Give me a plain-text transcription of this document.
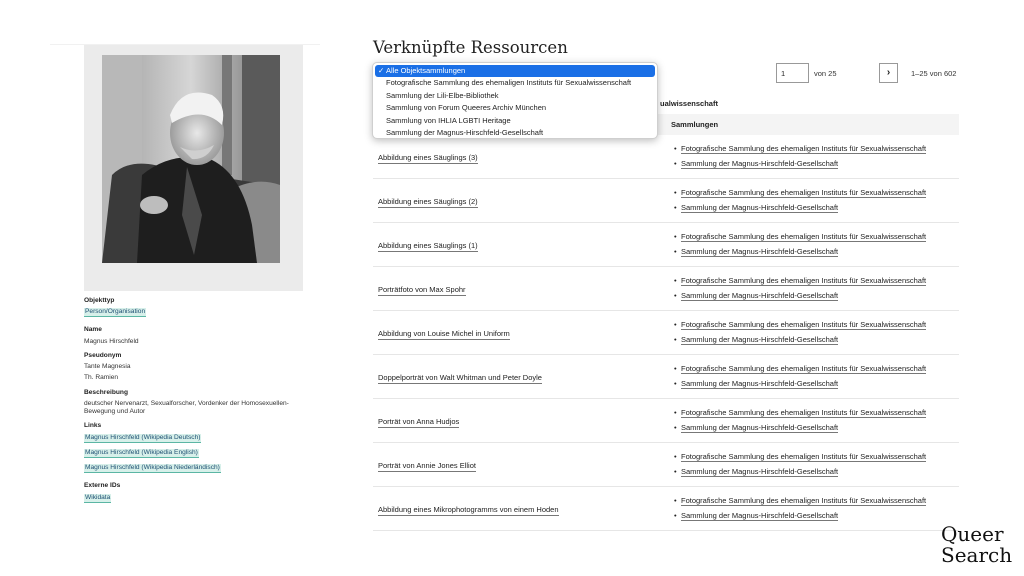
Objekttyp
Person/Organisation
Name
Magnus Hirschfeld
Pseudonym
Tante Magnesia
Th. Ramien
Beschreibung
deutscher Nervenarzt, Sexualforscher, Vordenker der Homosexuellen-Bewegung und Autor
Links
Magnus Hirschfeld (Wikipedia Deutsch)
Magnus Hirschfeld (Wikipedia English)
Magnus Hirschfeld (Wikipedia Niederländisch)
Externe IDs
Wikidata
Verknüpfte Ressourcen
ualwissenschaft
1	von 25	›	1–25 von 602
✓ Alle Objektsammlungen
Fotografische Sammlung des ehemaligen Instituts für Sexualwissenschaft
Sammlung der Lili-Elbe-Bibliothek
Sammlung von Forum Queeres Archiv München
Sammlung von IHLIA LGBTI Heritage
Sammlung der Magnus-Hirschfeld-Gesellschaft
Sammlungen
Abbildung eines Säuglings (3)
• Fotografische Sammlung des ehemaligen Instituts für Sexualwissenschaft
• Sammlung der Magnus-Hirschfeld-Gesellschaft
Abbildung eines Säuglings (2)
• Fotografische Sammlung des ehemaligen Instituts für Sexualwissenschaft
• Sammlung der Magnus-Hirschfeld-Gesellschaft
Abbildung eines Säuglings (1)
• Fotografische Sammlung des ehemaligen Instituts für Sexualwissenschaft
• Sammlung der Magnus-Hirschfeld-Gesellschaft
Porträtfoto von Max Spohr
• Fotografische Sammlung des ehemaligen Instituts für Sexualwissenschaft
• Sammlung der Magnus-Hirschfeld-Gesellschaft
Abbildung von Louise Michel in Uniform
• Fotografische Sammlung des ehemaligen Instituts für Sexualwissenschaft
• Sammlung der Magnus-Hirschfeld-Gesellschaft
Doppelporträt von Walt Whitman und Peter Doyle
• Fotografische Sammlung des ehemaligen Instituts für Sexualwissenschaft
• Sammlung der Magnus-Hirschfeld-Gesellschaft
Porträt von Anna Hudjos
• Fotografische Sammlung des ehemaligen Instituts für Sexualwissenschaft
• Sammlung der Magnus-Hirschfeld-Gesellschaft
Porträt von Annie Jones Elliot
• Fotografische Sammlung des ehemaligen Instituts für Sexualwissenschaft
• Sammlung der Magnus-Hirschfeld-Gesellschaft
Abbildung eines Mikrophotogramms von einem Hoden
• Fotografische Sammlung des ehemaligen Instituts für Sexualwissenschaft
• Sammlung der Magnus-Hirschfeld-Gesellschaft
Queer
Search
